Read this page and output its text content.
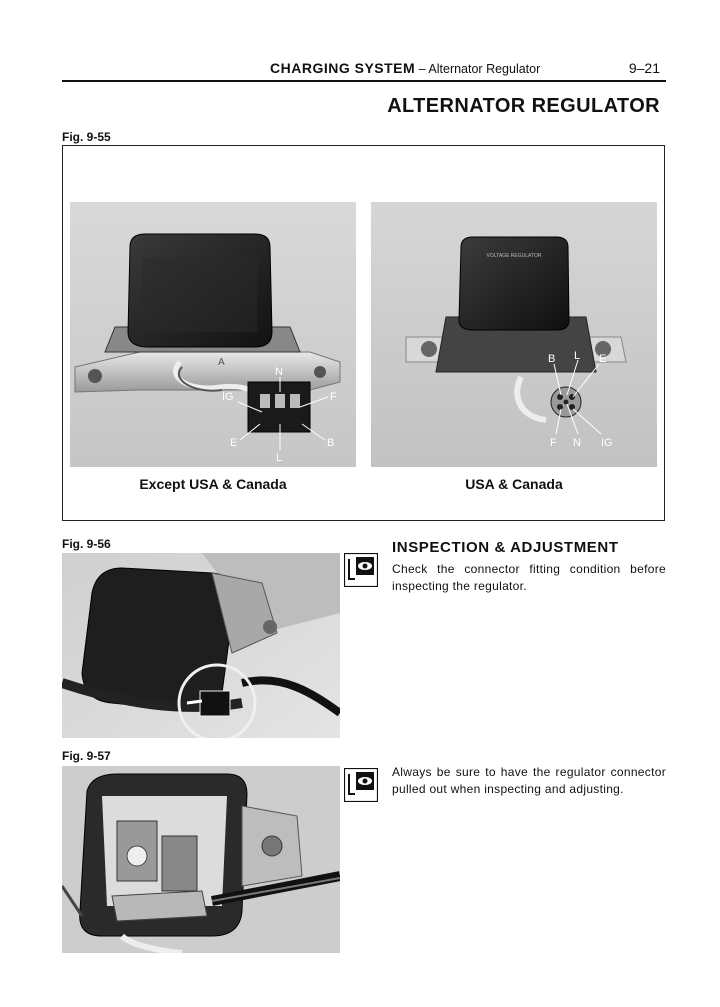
CHARGING SYSTEM – Alternator Regulator	9–21
ALTERNATOR REGULATOR
Fig. 9-55
N
IG	F
E	B
L
A
Except USA & Canada
VOLTAGE REGULATOR
B L E
F N IG
USA & Canada
Fig. 9-56
Fig. 9-57
INSPECTION & ADJUSTMENT
Check the connector fitting condition before inspecting the regulator.
Always be sure to have the regulator connector pulled out when inspecting and adjusting.
